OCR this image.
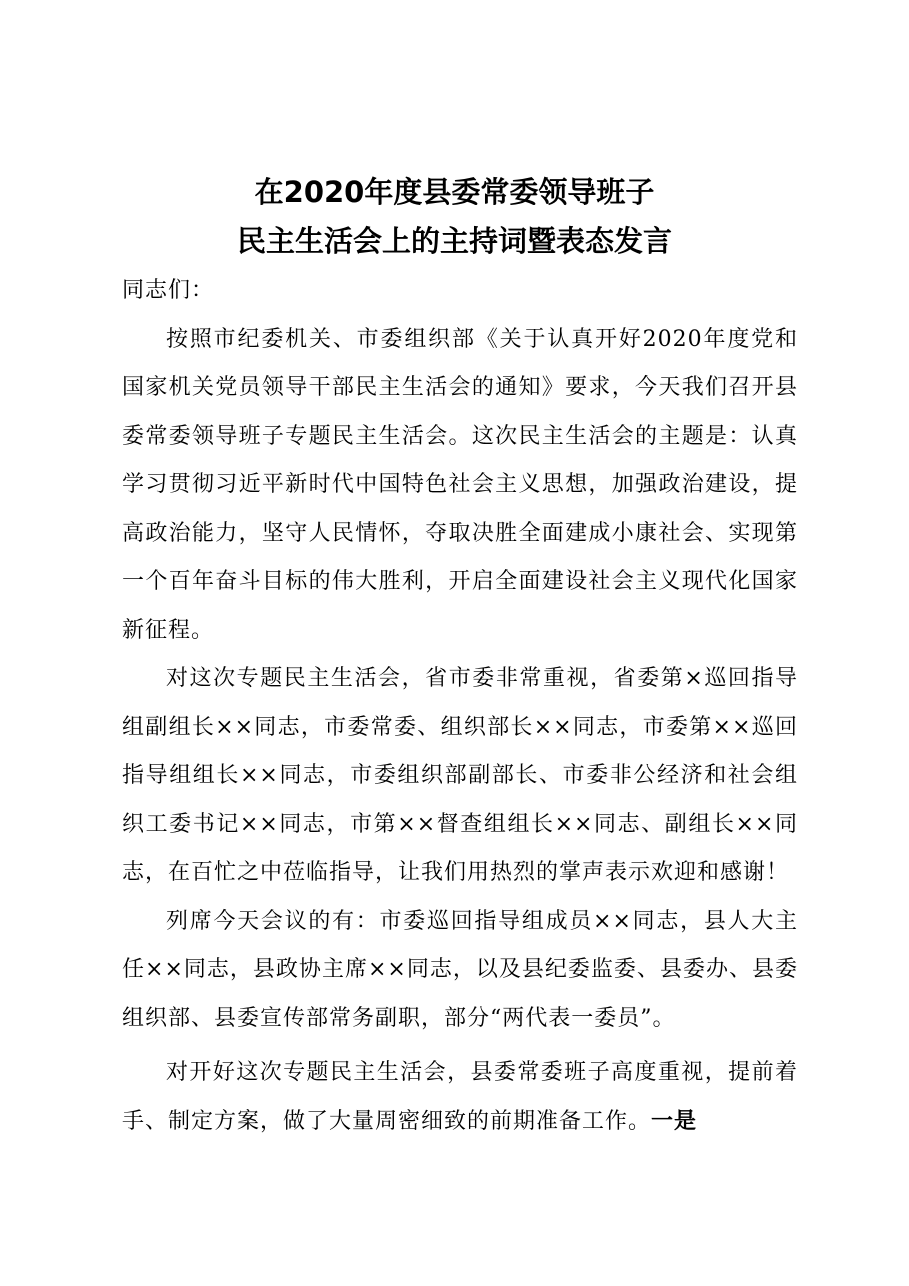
在2020年度县委常委领导班子
民主生活会上的主持词暨表态发言

同志们：

按照市纪委机关、市委组织部《关于认真开好2020年度党和国家机关党员领导干部民主生活会的通知》要求，今天我们召开县委常委领导班子专题民主生活会。这次民主生活会的主题是：认真学习贯彻习近平新时代中国特色社会主义思想，加强政治建设，提高政治能力，坚守人民情怀，夺取决胜全面建成小康社会、实现第一个百年奋斗目标的伟大胜利，开启全面建设社会主义现代化国家新征程。

对这次专题民主生活会，省市委非常重视，省委第×巡回指导组副组长××同志，市委常委、组织部长××同志，市委第××巡回指导组组长××同志，市委组织部副部长、市委非公经济和社会组织工委书记××同志，市第××督查组组长××同志、副组长××同志，在百忙之中莅临指导，让我们用热烈的掌声表示欢迎和感谢！

列席今天会议的有：市委巡回指导组成员××同志，县人大主任××同志，县政协主席××同志，以及县纪委监委、县委办、县委组织部、县委宣传部常务副职，部分“两代表一委员”。

对开好这次专题民主生活会，县委常委班子高度重视，提前着手、制定方案，做了大量周密细致的前期准备工作。一是
